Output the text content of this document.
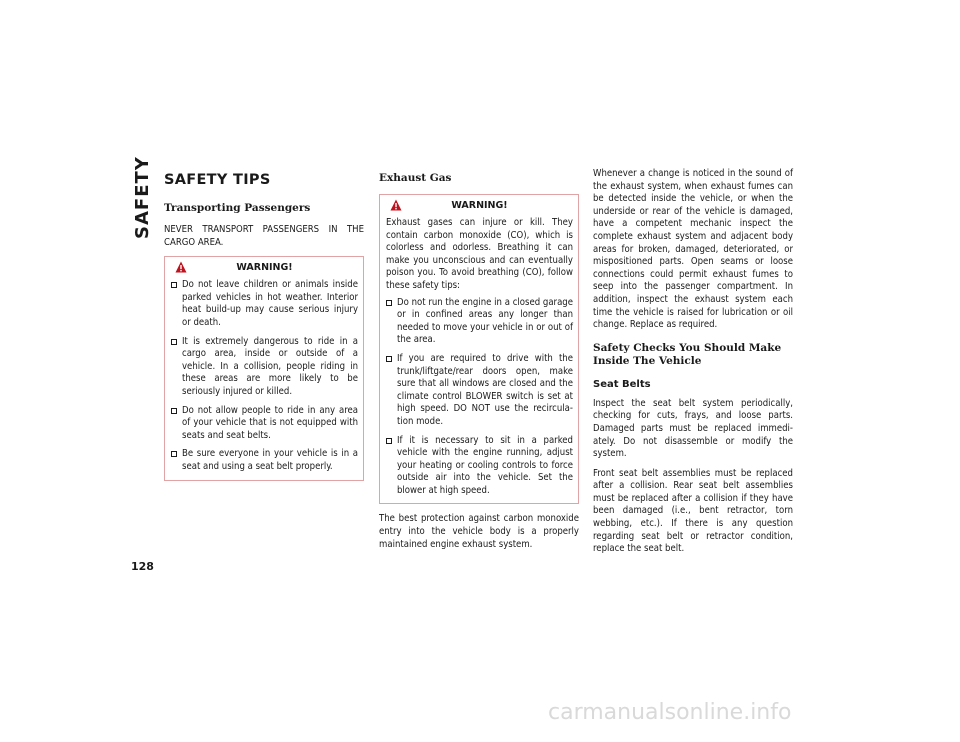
SAFETY
128
SAFETY TIPS
Transporting Passengers

NEVER TRANSPORT PASSENGERS IN THE CARGO AREA.

WARNING!
Do not leave children or animals inside parked vehicles in hot weather. Interior heat build-up may cause serious injury or death.
It is extremely dangerous to ride in a cargo area, inside or outside of a vehicle. In a collision, people riding in these areas are more likely to be seriously injured or killed.
Do not allow people to ride in any area of your vehicle that is not equipped with seats and seat belts.
Be sure everyone in your vehicle is in a seat and using a seat belt properly.
Exhaust Gas
WARNING!

Exhaust gases can injure or kill. They contain carbon monoxide (CO), which is colorless and odorless. Breathing it can make you unconscious and can eventually poison you. To avoid breathing (CO), follow these safety tips:

Do not run the engine in a closed garage or in confined areas any longer than needed to move your vehicle in or out of the area.
If you are required to drive with the trunk/liftgate/rear doors open, make sure that all windows are closed and the climate control BLOWER switch is set at high speed. DO NOT use the recircula-tion mode.
If it is necessary to sit in a parked vehicle with the engine running, adjust your heating or cooling controls to force outside air into the vehicle. Set the blower at high speed.

The best protection against carbon monoxide entry into the vehicle body is a properly maintained engine exhaust system.

Whenever a change is noticed in the sound of the exhaust system, when exhaust fumes can be detected inside the vehicle, or when the underside or rear of the vehicle is damaged, have a competent mechanic inspect the complete exhaust system and adjacent body areas for broken, damaged, deteriorated, or mispositioned parts. Open seams or loose connections could permit exhaust fumes to seep into the passenger compartment. In addition, inspect the exhaust system each time the vehicle is raised for lubrication or oil change. Replace as required.

Safety Checks You Should Make Inside The Vehicle
Seat Belts

Inspect the seat belt system periodically, checking for cuts, frays, and loose parts. Damaged parts must be replaced immedi-ately. Do not disassemble or modify the system.

Front seat belt assemblies must be replaced after a collision. Rear seat belt assemblies must be replaced after a collision if they have been damaged (i.e., bent retractor, torn webbing, etc.). If there is any question regarding seat belt or retractor condition, replace the seat belt.

carmanualsonline.info
